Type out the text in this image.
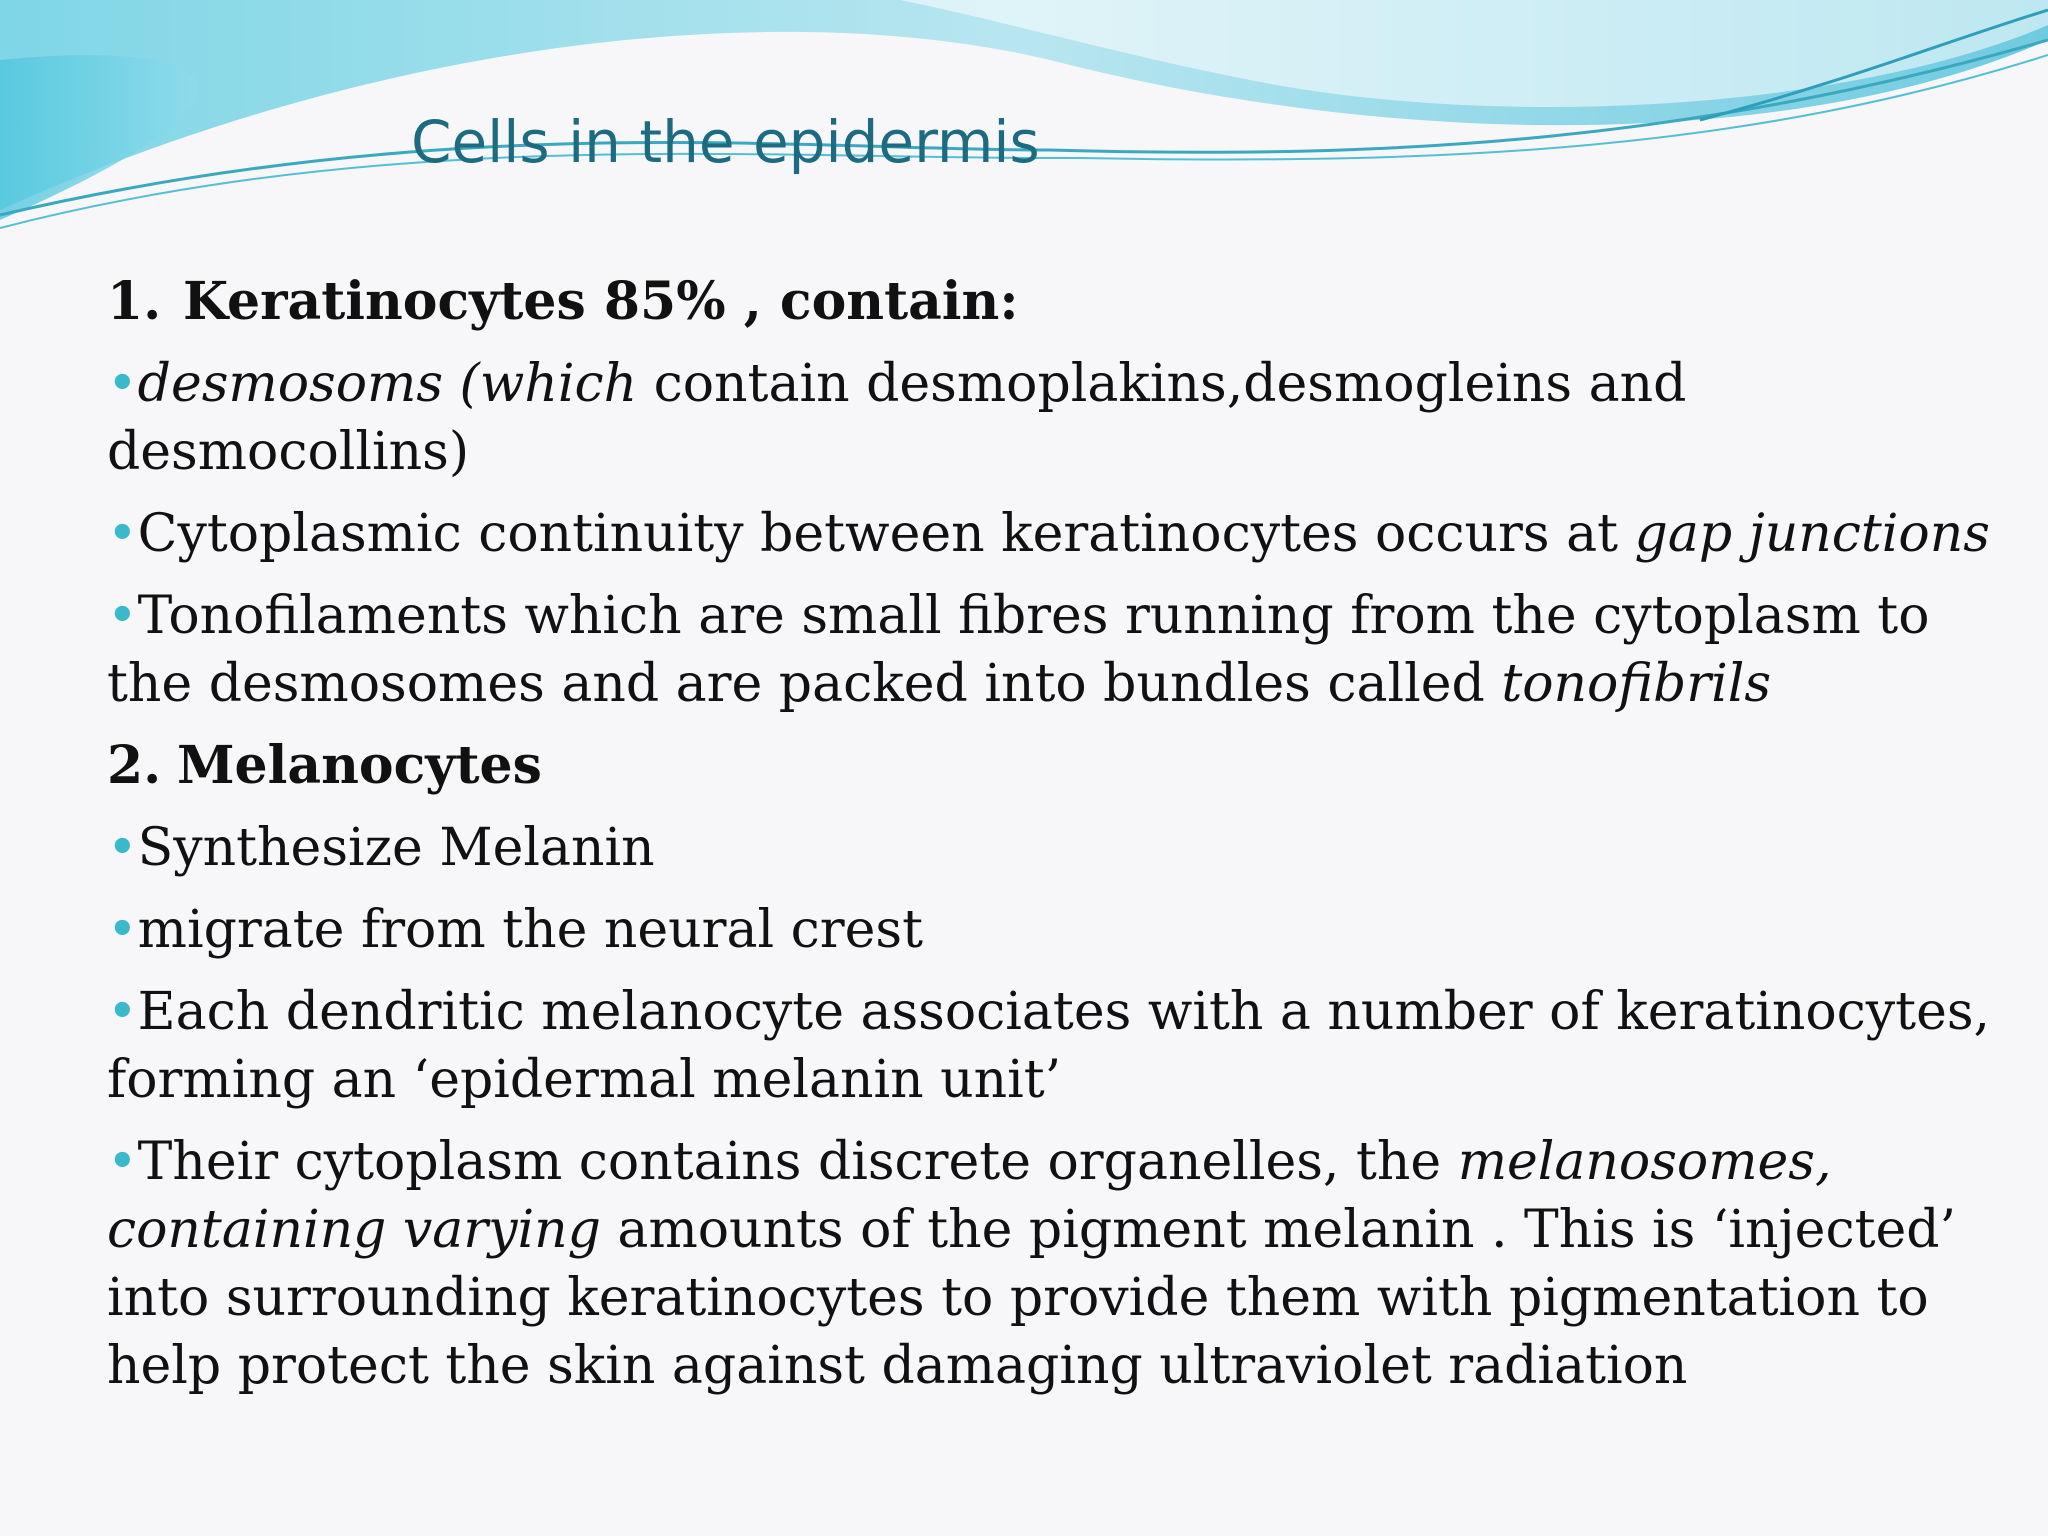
Cells in the epidermis
1. Keratinocytes 85% , contain:
•desmosoms (which contain desmoplakins,desmogleins and desmocollins)
•Cytoplasmic continuity between keratinocytes occurs at gap junctions
•Tonofilaments which are small fibres running from the cytoplasm to the desmosomes and are packed into bundles called tonofibrils
2. Melanocytes
•Synthesize Melanin
•migrate from the neural crest
•Each dendritic melanocyte associates with a number of keratinocytes, forming an ‘epidermal melanin unit’
•Their cytoplasm contains discrete organelles, the melanosomes, containing varying amounts of the pigment melanin . This is ‘injected’ into surrounding keratinocytes to provide them with pigmentation to help protect the skin against damaging ultraviolet radiation
